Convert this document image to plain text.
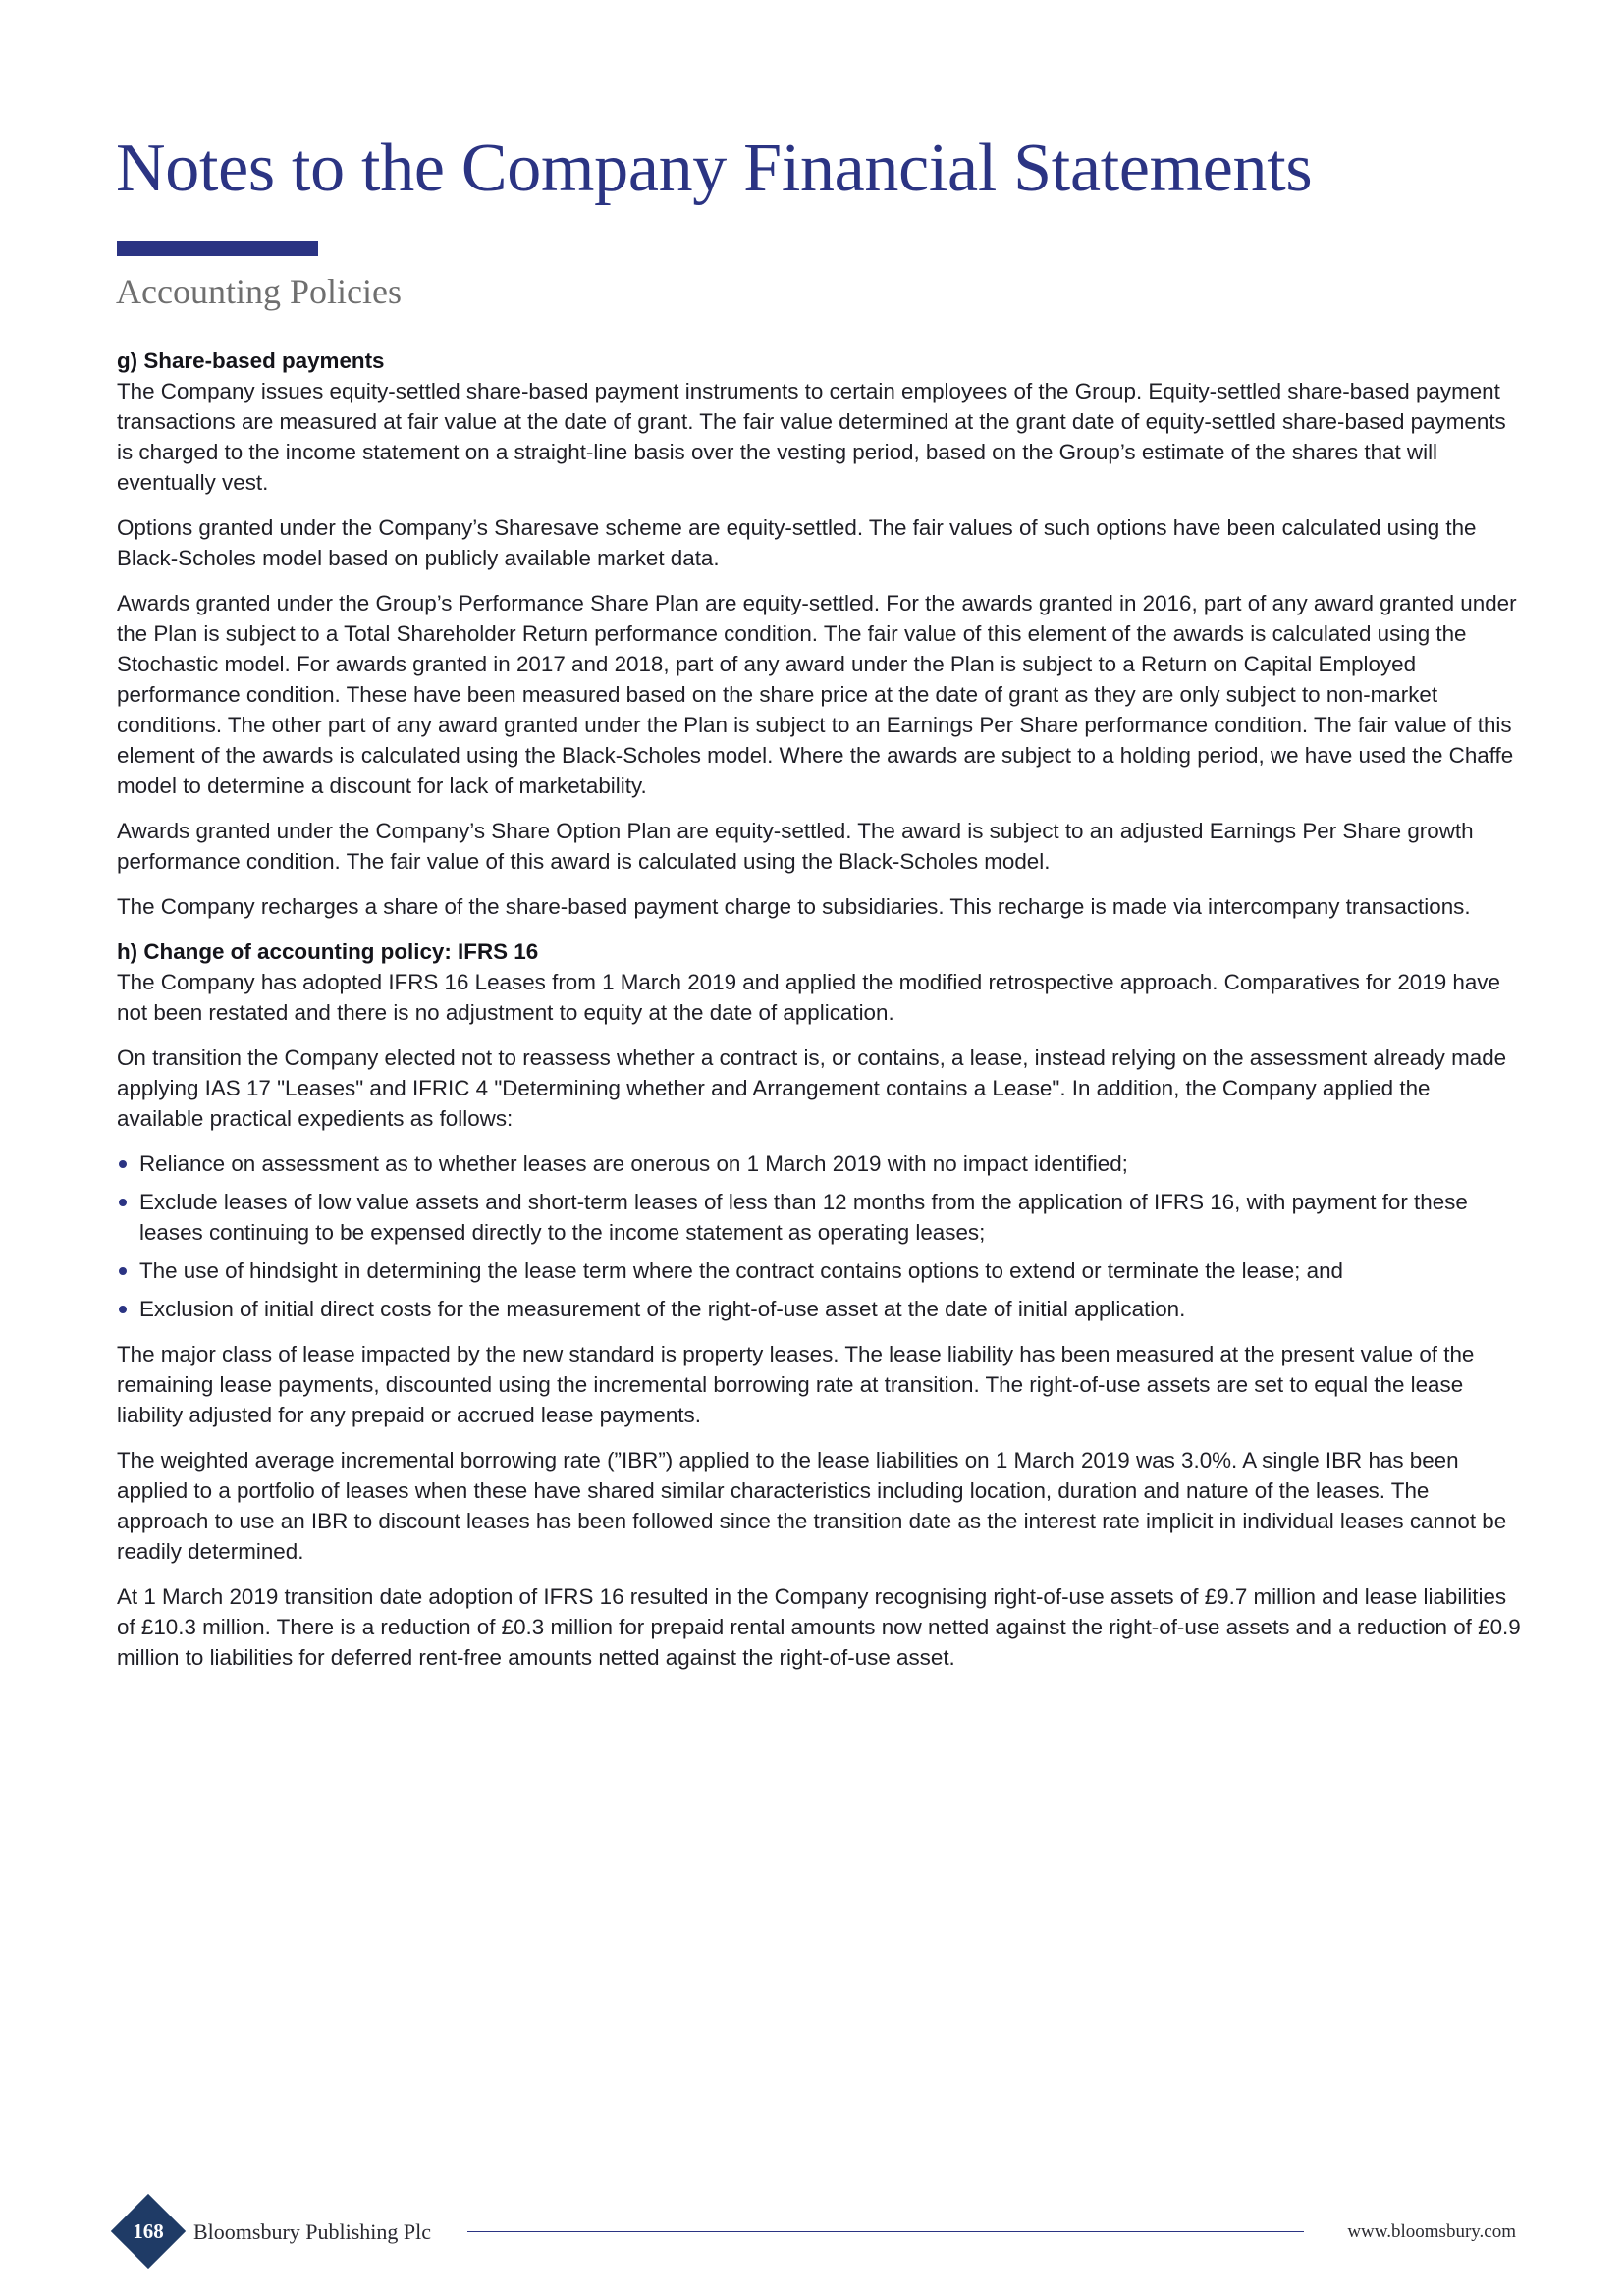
Notes to the Company Financial Statements
Accounting Policies
g) Share-based payments

The Company issues equity-settled share-based payment instruments to certain employees of the Group. Equity-settled share-based payment transactions are measured at fair value at the date of grant. The fair value determined at the grant date of equity-settled share-based payments is charged to the income statement on a straight-line basis over the vesting period, based on the Group’s estimate of the shares that will eventually vest.

Options granted under the Company’s Sharesave scheme are equity-settled. The fair values of such options have been calculated using the Black-Scholes model based on publicly available market data.

Awards granted under the Group’s Performance Share Plan are equity-settled. For the awards granted in 2016, part of any award granted under the Plan is subject to a Total Shareholder Return performance condition. The fair value of this element of the awards is calculated using the Stochastic model. For awards granted in 2017 and 2018, part of any award under the Plan is subject to a Return on Capital Employed performance condition. These have been measured based on the share price at the date of grant as they are only subject to non-market conditions. The other part of any award granted under the Plan is subject to an Earnings Per Share performance condition. The fair value of this element of the awards is calculated using the Black-Scholes model. Where the awards are subject to a holding period, we have used the Chaffe model to determine a discount for lack of marketability.

Awards granted under the Company’s Share Option Plan are equity-settled. The award is subject to an adjusted Earnings Per Share growth performance condition. The fair value of this award is calculated using the Black-Scholes model.

The Company recharges a share of the share-based payment charge to subsidiaries. This recharge is made via intercompany transactions.

h) Change of accounting policy: IFRS 16

The Company has adopted IFRS 16 Leases from 1 March 2019 and applied the modified retrospective approach. Comparatives for 2019 have not been restated and there is no adjustment to equity at the date of application.

On transition the Company elected not to reassess whether a contract is, or contains, a lease, instead relying on the assessment already made applying IAS 17 "Leases" and IFRIC 4 "Determining whether and Arrangement contains a Lease". In addition, the Company applied the available practical expedients as follows:

Reliance on assessment as to whether leases are onerous on 1 March 2019 with no impact identified;
Exclude leases of low value assets and short-term leases of less than 12 months from the application of IFRS 16, with payment for these leases continuing to be expensed directly to the income statement as operating leases;
The use of hindsight in determining the lease term where the contract contains options to extend or terminate the lease; and
Exclusion of initial direct costs for the measurement of the right-of-use asset at the date of initial application.

The major class of lease impacted by the new standard is property leases. The lease liability has been measured at the present value of the remaining lease payments, discounted using the incremental borrowing rate at transition. The right-of-use assets are set to equal the lease liability adjusted for any prepaid or accrued lease payments.

The weighted average incremental borrowing rate (”IBR”) applied to the lease liabilities on 1 March 2019 was 3.0%. A single IBR has been applied to a portfolio of leases when these have shared similar characteristics including location, duration and nature of the leases. The approach to use an IBR to discount leases has been followed since the transition date as the interest rate implicit in individual leases cannot be readily determined.

At 1 March 2019 transition date adoption of IFRS 16 resulted in the Company recognising right-of-use assets of £9.7 million and lease liabilities of £10.3 million. There is a reduction of £0.3 million for prepaid rental amounts now netted against the right-of-use assets and a reduction of £0.9 million to liabilities for deferred rent-free amounts netted against the right-of-use asset.

168	Bloomsbury Publishing Plc	www.bloomsbury.com
